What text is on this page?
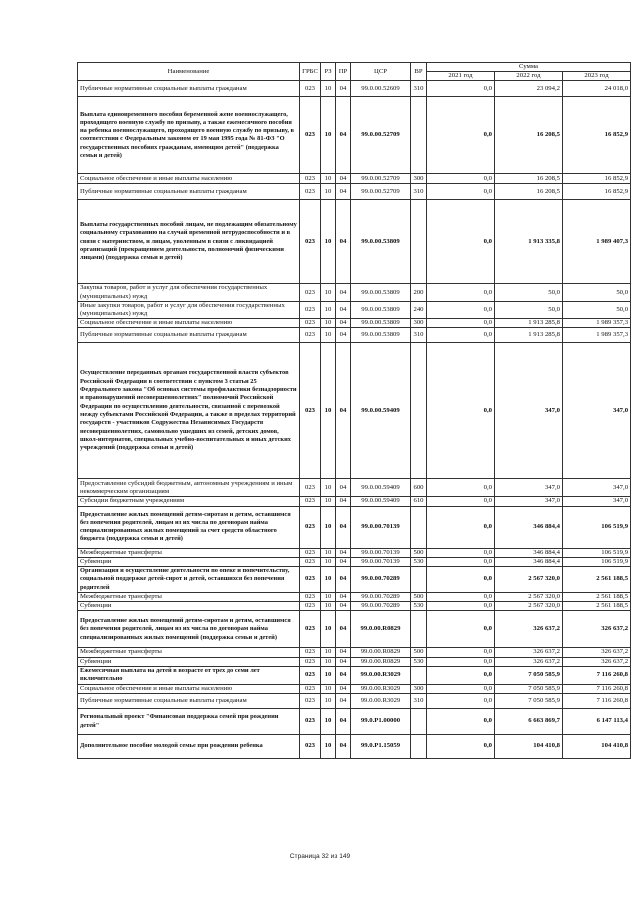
Наименование	ГРБС	РЗ	ПР	ЦСР	ВР	Сумма		
						2021 год	2022 год	2023 год
Публичные нормативные социальные выплаты гражданам	023	10	04	99.0.00.52609	310	0,0	23 094,2	24 018,0
Выплата единовременного пособия беременной жене военнослужащего, проходящего военную службу по призыву, а также ежемесячного пособия на ребенка военнослужащего, проходящего военную службу по призыву, в соответствии с Федеральным законом от 19 мая 1995 года № 81-ФЗ "О государственных пособиях гражданам, имеющим детей" (поддержка семьи и детей)	023	10	04	99.0.00.52709		0,0	16 208,5	16 852,9
Социальное обеспечение и иные выплаты населению	023	10	04	99.0.00.52709	300	0,0	16 208,5	16 852,9
Публичные нормативные социальные выплаты гражданам	023	10	04	99.0.00.52709	310	0,0	16 208,5	16 852,9
Выплаты государственных пособий лицам, не подлежащим обязательному социальному страхованию на случай временной нетрудоспособности и в связи с материнством, и лицам, уволенным в связи с ликвидацией организаций (прекращением деятельности, полномочий физическими лицами) (поддержка семьи и детей)	023	10	04	99.0.00.53809		0,0	1 913 335,8	1 989 407,3
Закупка товаров, работ и услуг для обеспечения государственных (муниципальных) нужд	023	10	04	99.0.00.53809	200	0,0	50,0	50,0
Иные закупки товаров, работ и услуг для обеспечения государственных (муниципальных) нужд	023	10	04	99.0.00.53809	240	0,0	50,0	50,0
Социальное обеспечение и иные выплаты населению	023	10	04	99.0.00.53809	300	0,0	1 913 285,8	1 989 357,3
Публичные нормативные социальные выплаты гражданам	023	10	04	99.0.00.53809	310	0,0	1 913 285,8	1 989 357,3
Осуществление переданных органам государственной власти субъектов Российской Федерации в соответствии с пунктом 3 статьи 25 Федерального закона "Об основах системы профилактики безнадзорности и правонарушений несовершеннолетних" полномочий Российской Федерации по осуществлению деятельности, связанной с перевозкой между субъектами Российской Федерации, а также в пределах территорий государств - участников Содружества Независимых Государств несовершеннолетних, самовольно ушедших из семей, детских домов, школ-интернатов, специальных учебно-воспитательных и иных детских учреждений (поддержка семьи и детей)	023	10	04	99.0.00.59409		0,0	347,0	347,0
Предоставление субсидий бюджетным, автономным учреждениям и иным некоммерческим организациям	023	10	04	99.0.00.59409	600	0,0	347,0	347,0
Субсидии бюджетным учреждениям	023	10	04	99.0.00.59409	610	0,0	347,0	347,0
Предоставление жилых помещений детям-сиротам и детям, оставшимся без попечения родителей, лицам из их числа по договорам найма специализированных жилых помещений за счет средств областного бюджета (поддержка семьи и детей)	023	10	04	99.0.00.70139		0,0	346 884,4	106 519,9
Межбюджетные трансферты	023	10	04	99.0.00.70139	500	0,0	346 884,4	106 519,9
Субвенции	023	10	04	99.0.00.70139	530	0,0	346 884,4	106 519,9
Организация и осуществление деятельности по опеке и попечительству, социальной поддержке детей-сирот и детей, оставшихся без попечения родителей	023	10	04	99.0.00.70289		0,0	2 567 320,0	2 561 188,5
Межбюджетные трансферты	023	10	04	99.0.00.70289	500	0,0	2 567 320,0	2 561 188,5
Субвенции	023	10	04	99.0.00.70289	530	0,0	2 567 320,0	2 561 188,5
Предоставление жилых помещений детям-сиротам и детям, оставшимся без попечения родителей, лицам из их числа по договорам найма специализированных жилых помещений (поддержка семьи и детей)	023	10	04	99.0.00.R0829		0,0	326 637,2	326 637,2
Межбюджетные трансферты	023	10	04	99.0.00.R0829	500	0,0	326 637,2	326 637,2
Субвенции	023	10	04	99.0.00.R0829	530	0,0	326 637,2	326 637,2
Ежемесячная выплата на детей в возрасте от трех до семи лет включительно	023	10	04	99.0.00.R3029		0,0	7 050 585,9	7 116 260,8
Социальное обеспечение и иные выплаты населению	023	10	04	99.0.00.R3029	300	0,0	7 050 585,9	7 116 260,8
Публичные нормативные социальные выплаты гражданам	023	10	04	99.0.00.R3029	310	0,0	7 050 585,9	7 116 260,8
Региональный проект "Финансовая поддержка семей при рождении детей"	023	10	04	99.0.P1.00000		0,0	6 663 869,7	6 147 113,4
Дополнительное пособие молодой семье при рождении ребенка	023	10	04	99.0.P1.15059		0,0	104 410,8	104 410,8
Страница 32 из 149
